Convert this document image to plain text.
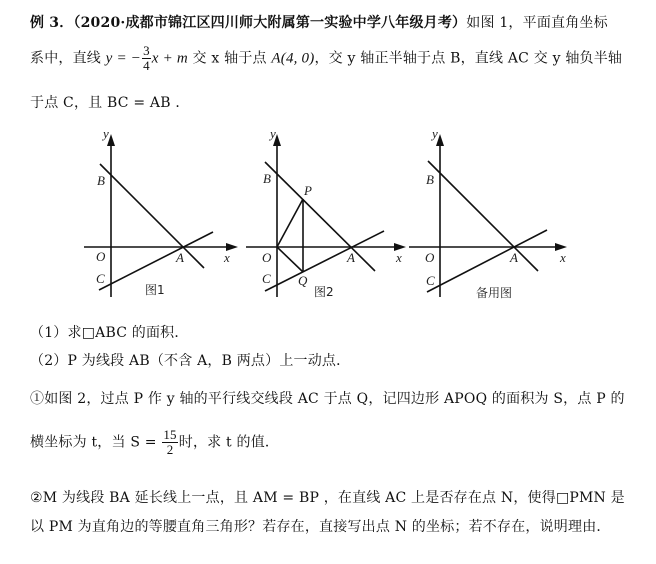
例 3．（2020·成都市锦江区四川师大附属第一实验中学八年级月考）如图 1，平面直角坐标
系中，直线 y = − $\frac{3}{4}$ x + m 交 x 轴于点 A(4, 0)，交 y 轴正半轴于点 B，直线 AC 交 y 轴负半轴
于点 C，且 BC = AB ．
y
B
O	A	x
C
图1
y
B
P
O	A	x
C Q
图2
y
B
O	A	x
C
备用图
（1）求□ABC 的面积．
（2）P 为线段 AB（不含 A，B 两点）上一动点．
①如图 2，过点 P 作 y 轴的平行线交线段 AC 于点 Q，记四边形 APOQ 的面积为 S，点 P 的
横坐标为 t，当 $S = \frac{15}{2}$ 时，求 t 的值．
②M 为线段 BA 延长线上一点，且 AM = BP ，在直线 AC 上是否存在点 N，使得□PMN 是
以 PM 为直角边的等腰直角三角形？若存在，直接写出点 N 的坐标；若不存在，说明理由．
